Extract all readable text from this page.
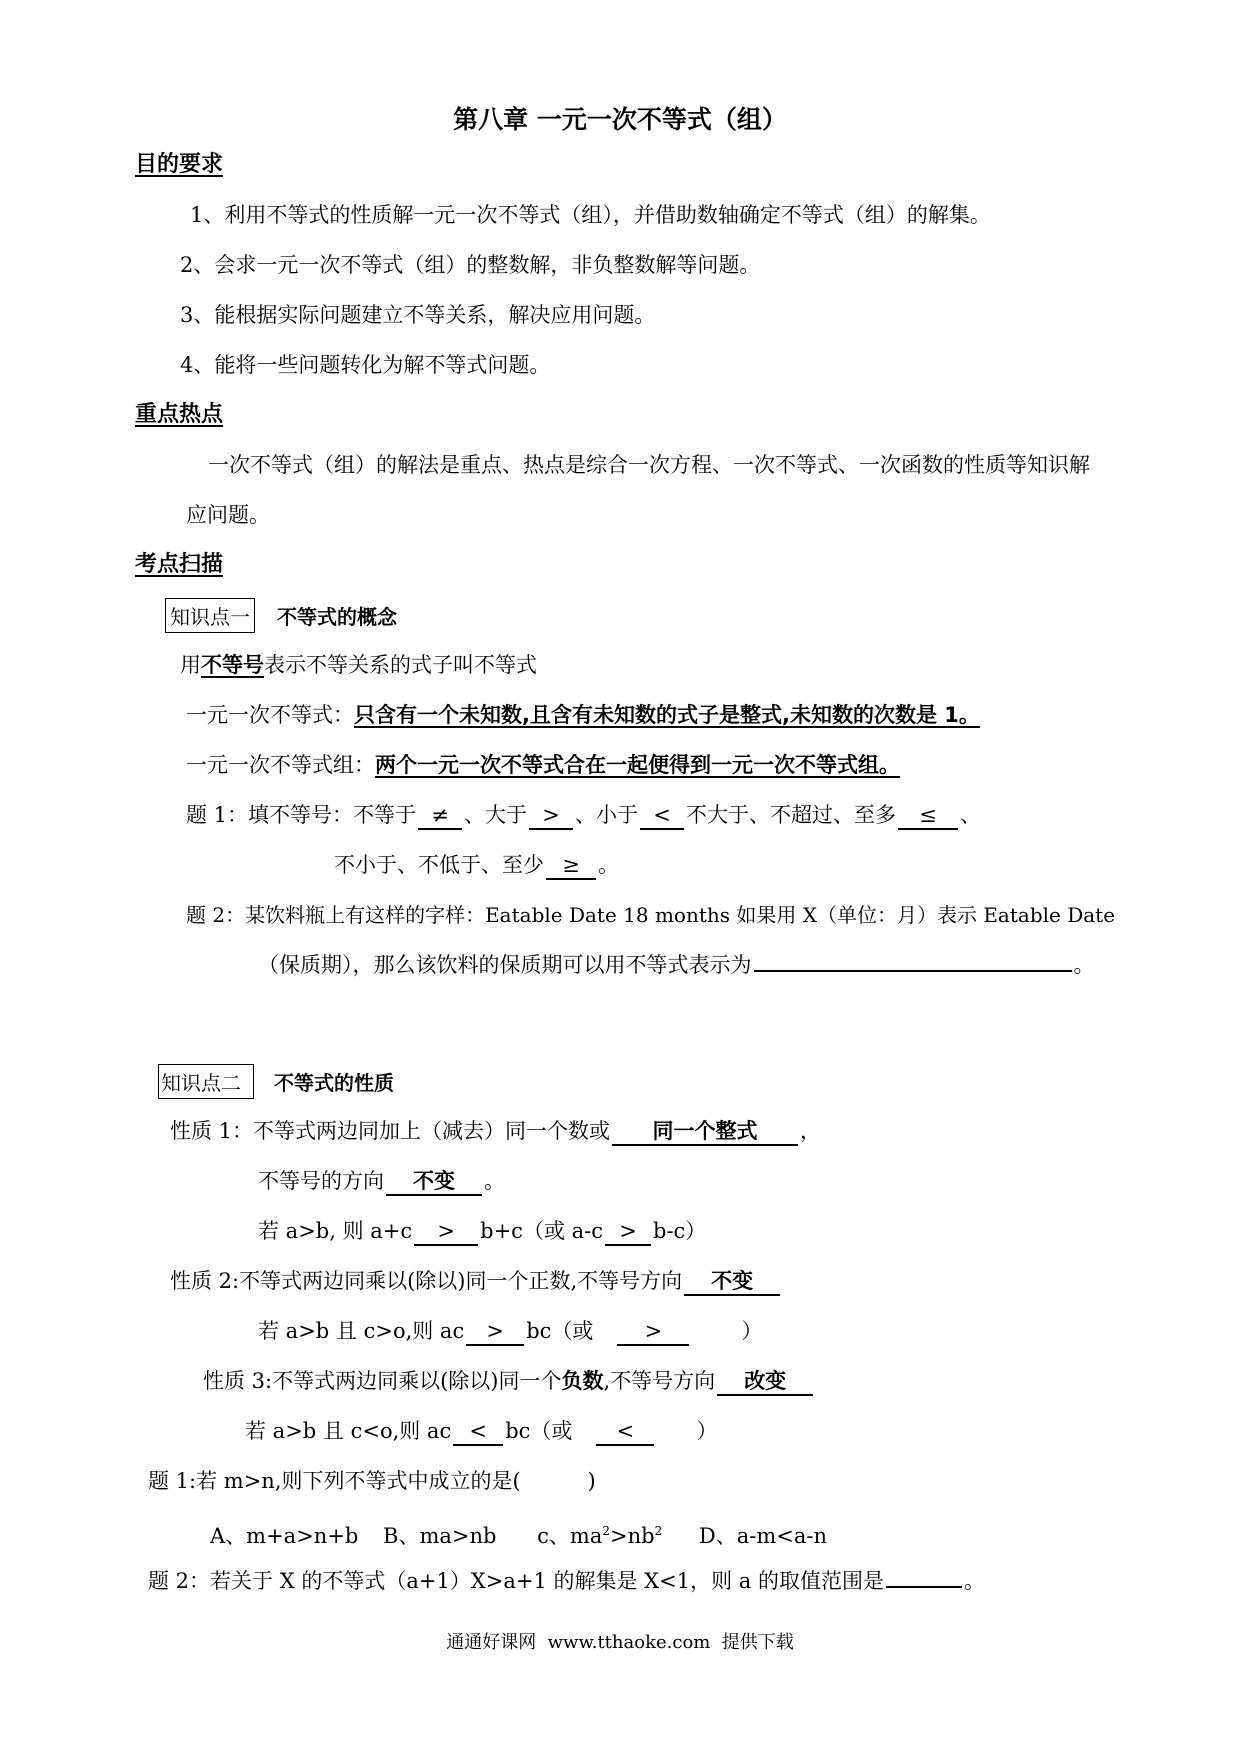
第八章 一元一次不等式（组）
目的要求
1、利用不等式的性质解一元一次不等式（组），并借助数轴确定不等式（组）的解集。
2、会求一元一次不等式（组）的整数解，非负整数解等问题。
3、能根据实际问题建立不等关系，解决应用问题。
4、能将一些问题转化为解不等式问题。
重点热点
一次不等式（组）的解法是重点、热点是综合一次方程、一次不等式、一次函数的性质等知识解
应问题。
考点扫描
知识点一 不等式的概念
用不等号表示不等关系的式子叫不等式
一元一次不等式：只含有一个未知数,且含有未知数的式子是整式,未知数的次数是 1。
一元一次不等式组：两个一元一次不等式合在一起便得到一元一次不等式组。
题 1：填不等号：不等于 ≠ 、大于 > 、小于 < 不大于、不超过、至多 ≤ 、
不小于、不低于、至少 ≥ 。
题 2：某饮料瓶上有这样的字样：Eatable Date 18 months 如果用 X（单位：月）表示 Eatable Date
（保质期），那么该饮料的保质期可以用不等式表示为	。
知识点二	不等式的性质
性质 1：不等式两边同加上（减去）同一个数或 同一个整式 ，
不等号的方向 不变 。
若 a>b, 则 a+c > b+c（或 a-c > b-c）
性质 2:不等式两边同乘以(除以)同一个正数,不等号方向 不变
若 a>b 且 c>o,则 ac > bc（或 >	）
性质 3:不等式两边同乘以(除以)同一个负数,不等号方向 改变
若 a>b 且 c<o,则 ac < bc（或 <	）
题 1:若 m>n,则下列不等式中成立的是(          )
A、m+a>n+b B、ma>nb c、$ma^2>nb^2$ D、a-m<a-n
题 2：若关于 X 的不等式（a+1）X>a+1 的解集是 X<1，则 a 的取值范围是	。
通通好课网  www.tthaoke.com  提供下载
